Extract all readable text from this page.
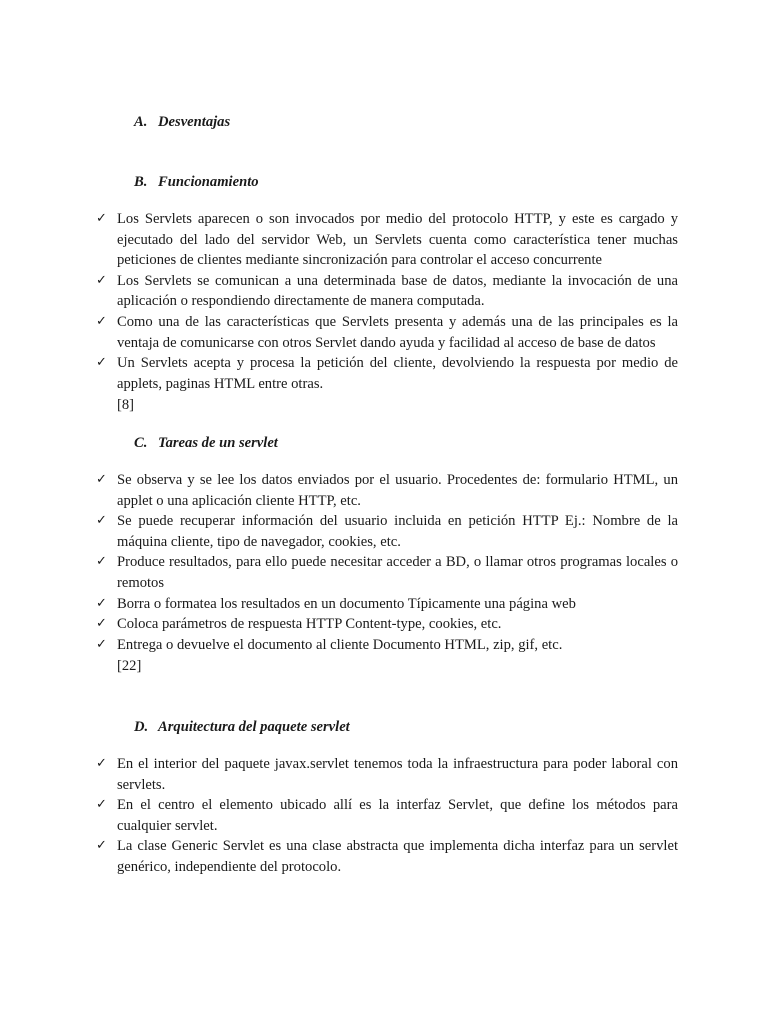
A. Desventajas
B. Funcionamiento
✓ Los Servlets aparecen o son invocados por medio del protocolo HTTP, y este es cargado y ejecutado del lado del servidor Web, un Servlets cuenta como característica tener muchas peticiones de clientes mediante sincronización para controlar el acceso concurrente
✓ Los Servlets se comunican a una determinada base de datos, mediante la invocación de una aplicación o respondiendo directamente de manera computada.
✓ Como una de las características que Servlets presenta y además una de las principales es la ventaja de comunicarse con otros Servlet dando ayuda y facilidad al acceso de base de datos
✓ Un Servlets acepta y procesa la petición del cliente, devolviendo la respuesta por medio de applets, paginas HTML entre otras.
[8]
C. Tareas de un servlet
✓ Se observa y se lee los datos enviados por el usuario. Procedentes de: formulario HTML, un applet o una aplicación cliente HTTP, etc.
✓ Se puede recuperar información del usuario incluida en petición HTTP Ej.: Nombre de la máquina cliente, tipo de navegador, cookies, etc.
✓ Produce resultados, para ello puede necesitar acceder a BD, o llamar otros programas locales o remotos
✓ Borra o formatea los resultados en un documento Típicamente una página web
✓ Coloca parámetros de respuesta HTTP Content-type, cookies, etc.
✓ Entrega o devuelve el documento al cliente Documento HTML, zip, gif, etc.
[22]
D. Arquitectura del paquete servlet
✓ En el interior del paquete javax.servlet tenemos toda la infraestructura para poder laboral con servlets.
✓ En el centro el elemento ubicado allí es la interfaz Servlet, que define los métodos para cualquier servlet.
✓ La clase Generic Servlet es una clase abstracta que implementa dicha interfaz para un servlet genérico, independiente del protocolo.
